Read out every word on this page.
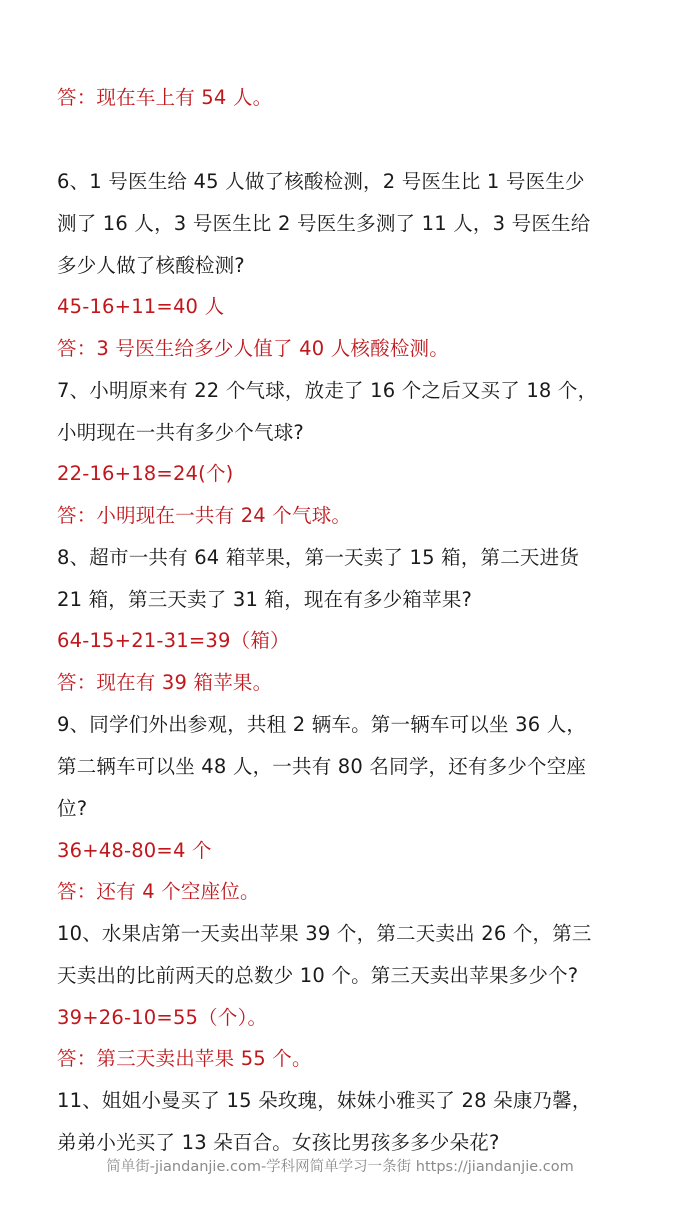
答：现在车上有 54 人。
6、1 号医生给 45 人做了核酸检测，2 号医生比 1 号医生少
测了 16 人，3 号医生比 2 号医生多测了 11 人，3 号医生给
多少人做了核酸检测?
45-16+11=40 人
答：3 号医生给多少人值了 40 人核酸检测。
7、小明原来有 22 个气球，放走了 16 个之后又买了 18 个，
小明现在一共有多少个气球?
22-16+18=24(个)
答：小明现在一共有 24 个气球。
8、超市一共有 64 箱苹果，第一天卖了 15 箱，第二天进货
21 箱，第三天卖了 31 箱，现在有多少箱苹果?
64-15+21-31=39（箱）
答：现在有 39 箱苹果。
9、同学们外出参观，共租 2 辆车。第一辆车可以坐 36 人，
第二辆车可以坐 48 人，一共有 80 名同学，还有多少个空座
位?
36+48-80=4 个
答：还有 4 个空座位。
10、水果店第一天卖出苹果 39 个，第二天卖出 26 个，第三
天卖出的比前两天的总数少 10 个。第三天卖出苹果多少个?
39+26-10=55（个）。
答：第三天卖出苹果 55 个。
11、姐姐小曼买了 15 朵玫瑰，妹妹小雅买了 28 朵康乃馨，
弟弟小光买了 13 朵百合。女孩比男孩多多少朵花?
简单街-jiandanjie.com-学科网简单学习一条街 https://jiandanjie.com
